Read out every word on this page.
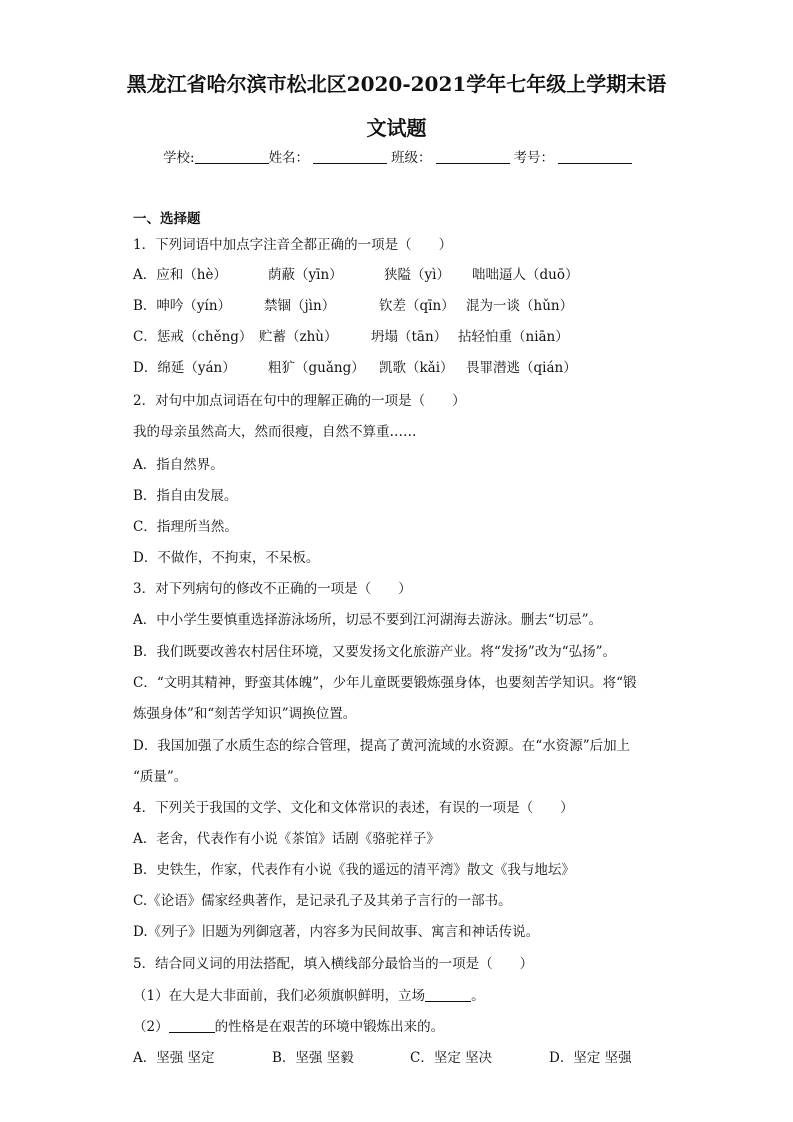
黑龙江省哈尔滨市松北区2020-2021学年七年级上学期末语
文试题
学校:	姓名：	班级：	考号：
一、选择题
1．下列词语中加点字注音全都正确的一项是（　　）
A．应和（hè）	荫蔽（yīn）	狭隘（yì） 咄咄逼人（duō）
B．呻吟（yín） 禁锢（jìn）	钦差（qīn） 混为一谈（hǔn）
C．惩戒（chěng） 贮蓄（zhù） 坍塌（tān） 拈轻怕重（niān）
D．绵延（yán） 粗犷（guǎng） 凯歌（kǎi） 畏罪潜逃（qián）
2．对句中加点词语在句中的理解正确的一项是（　　）
我的母亲虽然高大，然而很瘦，自然不算重……
A．指自然界。
B．指自由发展。
C．指理所当然。
D．不做作，不拘束，不呆板。
3．对下列病句的修改不正确的一项是（　　）
A．中小学生要慎重选择游泳场所，切忌不要到江河湖海去游泳。删去“切忌”。
B．我们既要改善农村居住环境，又要发扬文化旅游产业。将“发扬”改为“弘扬”。
C．“文明其精神，野蛮其体魄”，少年儿童既要锻炼强身体，也要刻苦学知识。将“锻
炼强身体”和“刻苦学知识”调换位置。
D．我国加强了水质生态的综合管理，提高了黄河流域的水资源。在“水资源”后加上
“质量”。
4．下列关于我国的文学、文化和文体常识的表述，有误的一项是（　　）
A．老舍，代表作有小说《茶馆》话剧《骆驼祥子》
B．史铁生，作家，代表作有小说《我的遥远的清平湾》散文《我与地坛》
C.《论语》儒家经典著作，是记录孔子及其弟子言行的一部书。
D.《列子》旧题为列御寇著，内容多为民间故事、寓言和神话传说。
5．结合同义词的用法搭配，填入横线部分最恰当的一项是（　　）
（1）在大是大非面前，我们必须旗帜鲜明，立场	。
（2）	的性格是在艰苦的环境中锻炼出来的。
A．坚强 坚定	B．坚强 坚毅	C．坚定 坚决	D．坚定 坚强
